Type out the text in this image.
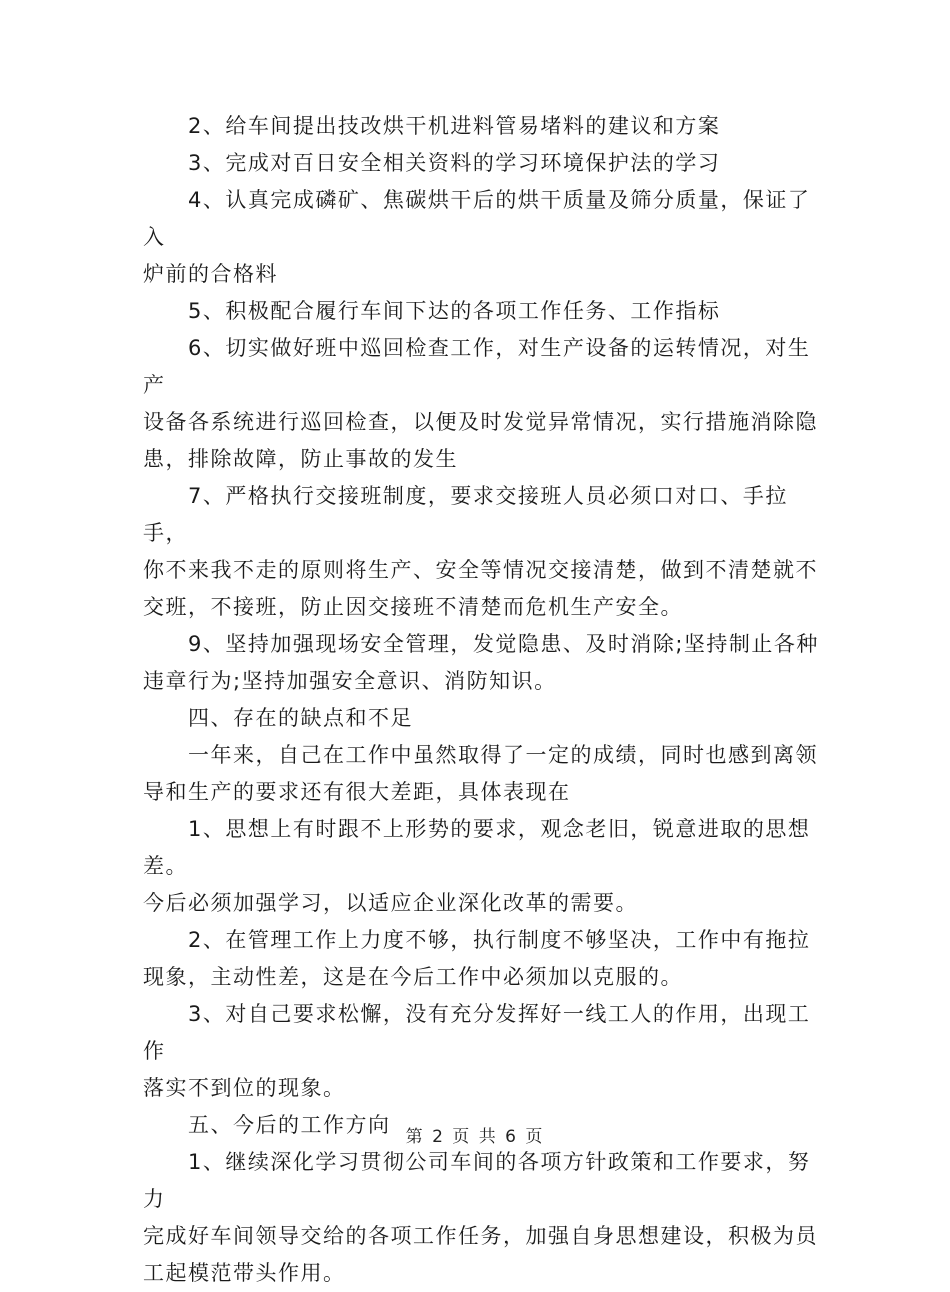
　　2、给车间提出技改烘干机进料管易堵料的建议和方案

　　3、完成对百日安全相关资料的学习环境保护法的学习

　　4、认真完成磷矿、焦碳烘干后的烘干质量及筛分质量，保证了入

炉前的合格料

　　5、积极配合履行车间下达的各项工作任务、工作指标

　　6、切实做好班中巡回检查工作，对生产设备的运转情况，对生产

设备各系统进行巡回检查，以便及时发觉异常情况，实行措施消除隐

患，排除故障，防止事故的发生

　　7、严格执行交接班制度，要求交接班人员必须口对口、手拉手，

你不来我不走的原则将生产、安全等情况交接清楚，做到不清楚就不

交班，不接班，防止因交接班不清楚而危机生产安全。

　　9、坚持加强现场安全管理，发觉隐患、及时消除;坚持制止各种

违章行为;坚持加强安全意识、消防知识。

　　四、存在的缺点和不足

　　一年来，自己在工作中虽然取得了一定的成绩，同时也感到离领

导和生产的要求还有很大差距，具体表现在

　　1、思想上有时跟不上形势的要求，观念老旧，锐意进取的思想差。

今后必须加强学习，以适应企业深化改革的需要。

　　2、在管理工作上力度不够，执行制度不够坚决，工作中有拖拉

现象，主动性差，这是在今后工作中必须加以克服的。

　　3、对自己要求松懈，没有充分发挥好一线工人的作用，出现工作

落实不到位的现象。

　　五、今后的工作方向

　　1、继续深化学习贯彻公司车间的各项方针政策和工作要求，努力

完成好车间领导交给的各项工作任务，加强自身思想建设，积极为员

工起模范带头作用。

第 2 页 共 6 页
